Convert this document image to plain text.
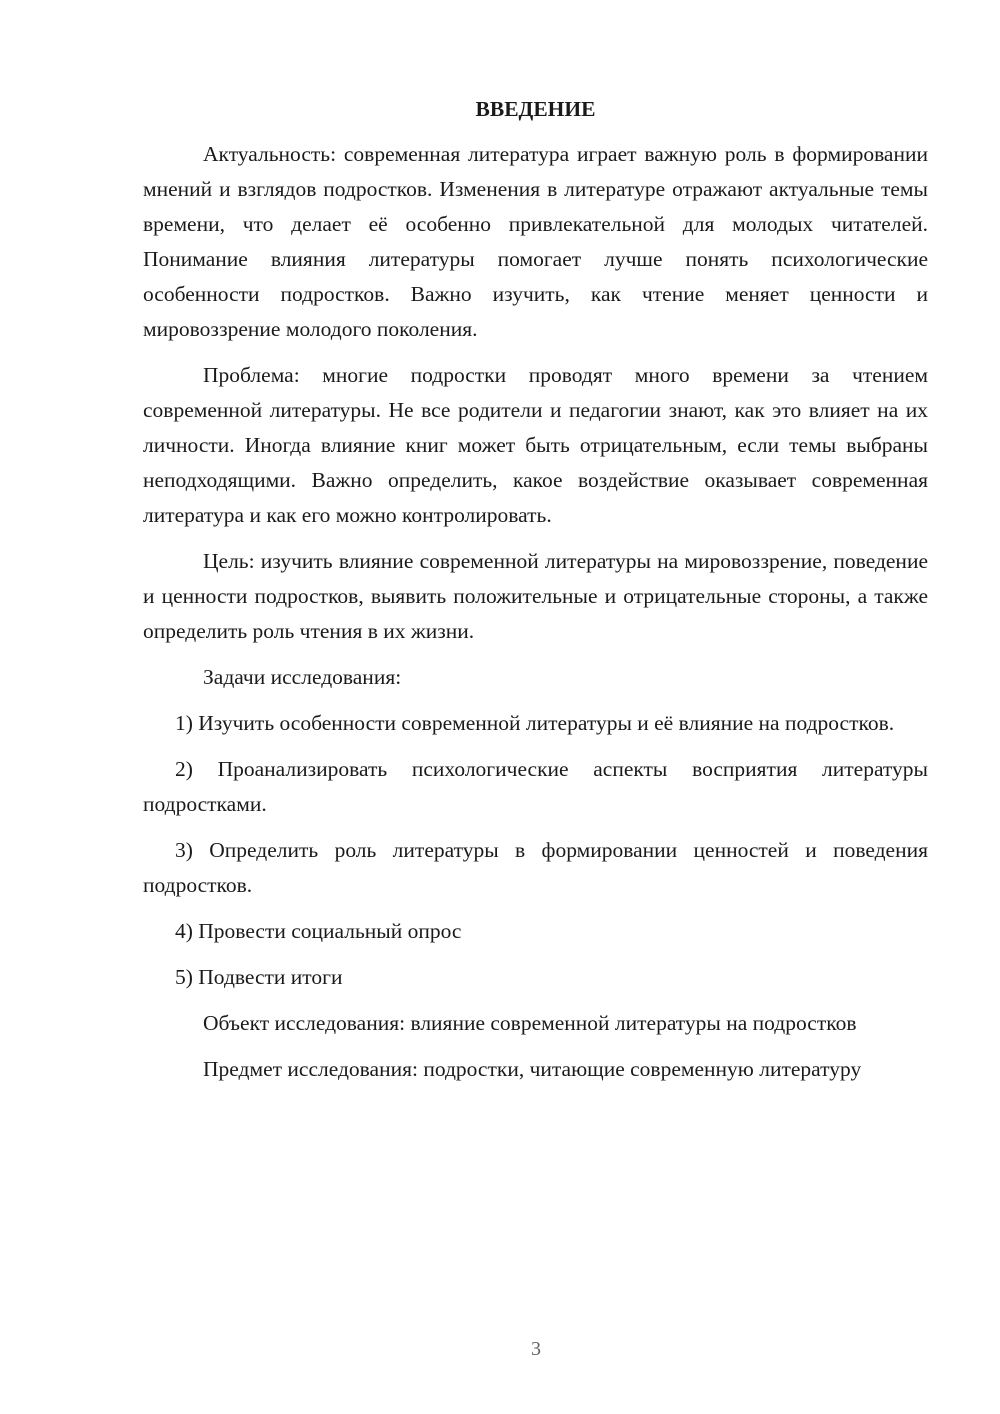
ВВЕДЕНИЕ

Актуальность: современная литература играет важную роль в формировании мнений и взглядов подростков. Изменения в литературе отражают актуальные темы времени, что делает её особенно привлекательной для молодых читателей. Понимание влияния литературы помогает лучше понять психологические особенности подростков. Важно изучить, как чтение меняет ценности и мировоззрение молодого поколения.

Проблема: многие подростки проводят много времени за чтением современной литературы. Не все родители и педагогии знают, как это влияет на их личности. Иногда влияние книг может быть отрицательным, если темы выбраны неподходящими. Важно определить, какое воздействие оказывает современная литература и как его можно контролировать.

Цель: изучить влияние современной литературы на мировоззрение, поведение и ценности подростков, выявить положительные и отрицательные стороны, а также определить роль чтения в их жизни.

Задачи исследования:

1) Изучить особенности современной литературы и её влияние на подростков.

2) Проанализировать психологические аспекты восприятия литературы подростками.

3) Определить роль литературы в формировании ценностей и поведения подростков.

4) Провести социальный опрос

5) Подвести итоги

Объект исследования: влияние современной литературы на подростков

Предмет исследования: подростки, читающие современную литературу

3
